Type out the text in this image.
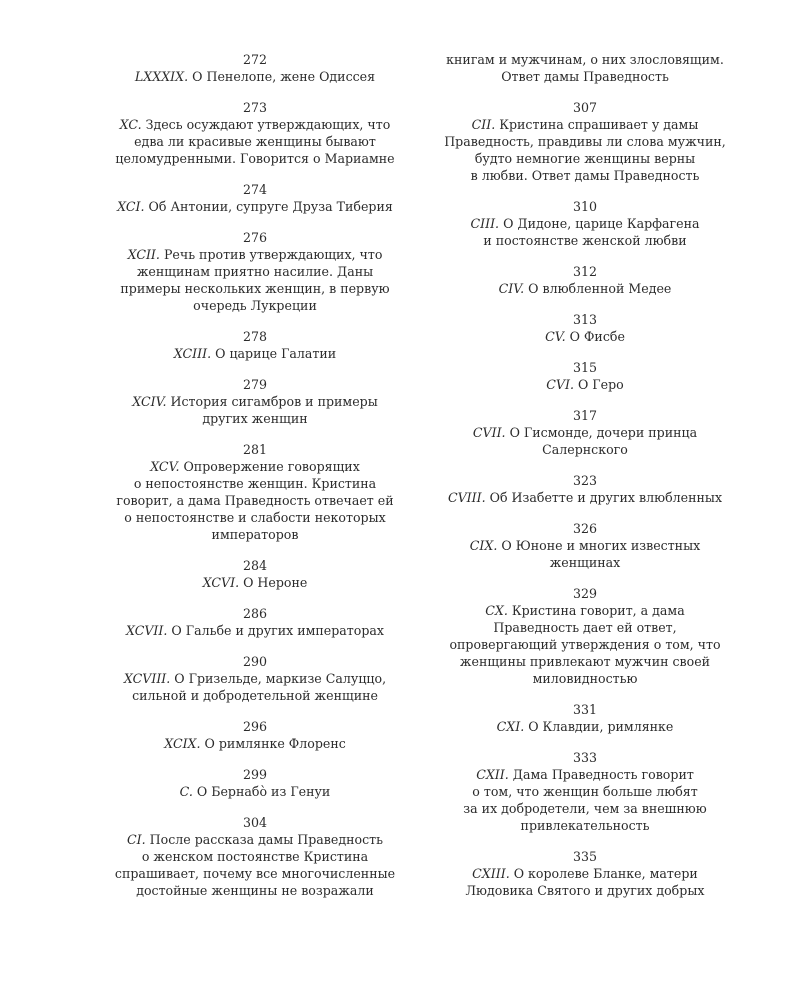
272
LXXXIX. О Пенелопе, жене Одиссея
273
XC. Здесь осуждают утверждающих, что
едва ли красивые женщины бывают
целомудренными. Говорится о Мариамне
274
XCI. Об Антонии, супруге Друза Тиберия
276
XCII. Речь против утверждающих, что
женщинам приятно насилие. Даны
примеры нескольких женщин, в первую
очередь Лукреции
278
XCIII. О царице Галатии
279
XCIV. История сигамбров и примеры
других женщин
281
XCV. Опровержение говорящих
о непостоянстве женщин. Кристина
говорит, а дама Праведность отвечает ей
о непостоянстве и слабости некоторых
императоров
284
XCVI. О Нероне
286
XCVII. О Гальбе и других императорах
290
XCVIII. О Гризельде, маркизе Салуццо,
сильной и добродетельной женщине
296
XCIX. О римлянке Флоренс
299
C. О Бернабò из Генуи
304
CI. После рассказа дамы Праведность
о женском постоянстве Кристина
спрашивает, почему все многочисленные
достойные женщины не возражали
книгам и мужчинам, о них злословящим.
Ответ дамы Праведность
307
CII. Кристина спрашивает у дамы
Праведность, правдивы ли слова мужчин,
будто немногие женщины верны
в любви. Ответ дамы Праведность
310
CIII. О Дидоне, царице Карфагена
и постоянстве женской любви
312
CIV. О влюбленной Медее
313
CV. О Фисбе
315
CVI. О Геро
317
CVII. О Гисмонде, дочери принца
Салернского
323
CVIII. Об Изабетте и других влюбленных
326
CIX. О Юноне и многих известных
женщинах
329
CX. Кристина говорит, а дама
Праведность дает ей ответ,
опровергающий утверждения о том, что
женщины привлекают мужчин своей
миловидностью
331
CXI. О Клавдии, римлянке
333
CXII. Дама Праведность говорит
о том, что женщин больше любят
за их добродетели, чем за внешнюю
привлекательность
335
CXIII. О королеве Бланке, матери
Людовика Святого и других добрых
